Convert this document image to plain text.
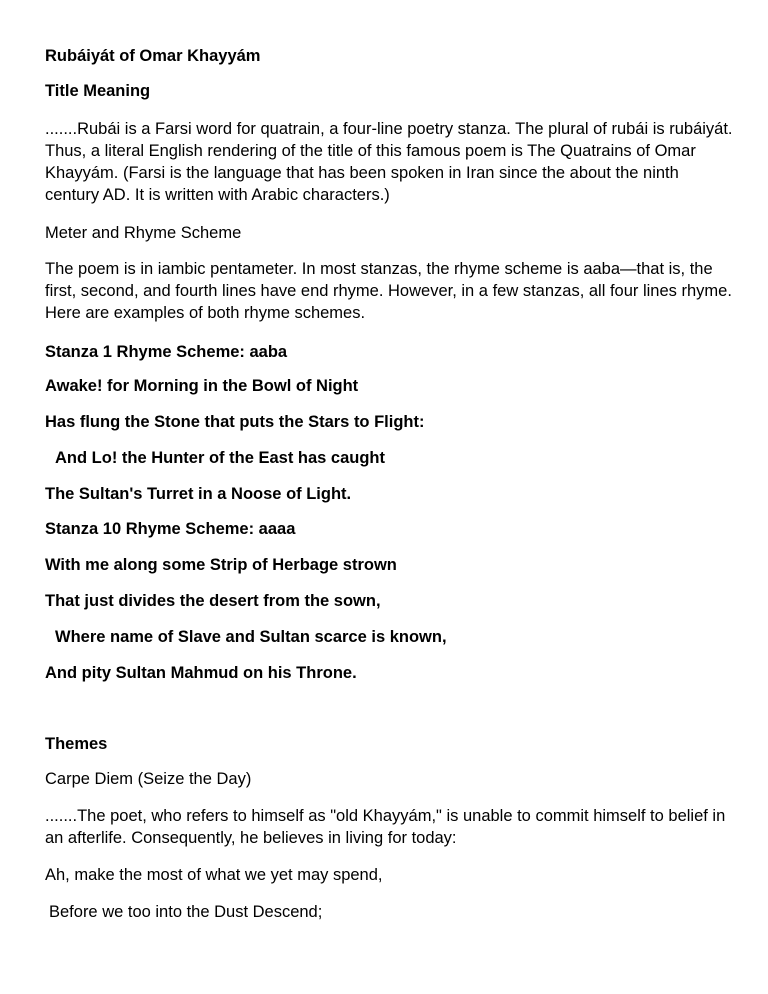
Rubáiyát of Omar Khayyám

Title Meaning

.......Rubái is a Farsi word for quatrain, a four-line poetry stanza. The plural of rubái is rubáiyát. Thus, a literal English rendering of the title of this famous poem is The Quatrains of Omar Khayyám. (Farsi is the language that has been spoken in Iran since the about the ninth century AD. It is written with Arabic characters.)

Meter and Rhyme Scheme

The poem is in iambic pentameter. In most stanzas, the rhyme scheme is aaba—that is, the first, second, and fourth lines have end rhyme. However, in a few stanzas, all four lines rhyme. Here are examples of both rhyme schemes.

Stanza 1 Rhyme Scheme: aaba

Awake! for Morning in the Bowl of Night

Has flung the Stone that puts the Stars to Flight:

And Lo! the Hunter of the East has caught

The Sultan's Turret in a Noose of Light.

Stanza 10 Rhyme Scheme: aaaa

With me along some Strip of Herbage strown

That just divides the desert from the sown,

Where name of Slave and Sultan scarce is known,

And pity Sultan Mahmud on his Throne.

Themes

Carpe Diem (Seize the Day)

.......The poet, who refers to himself as "old Khayyám," is unable to commit himself to belief in an afterlife. Consequently, he believes in living for today:

Ah, make the most of what we yet may spend,

Before we too into the Dust Descend;
